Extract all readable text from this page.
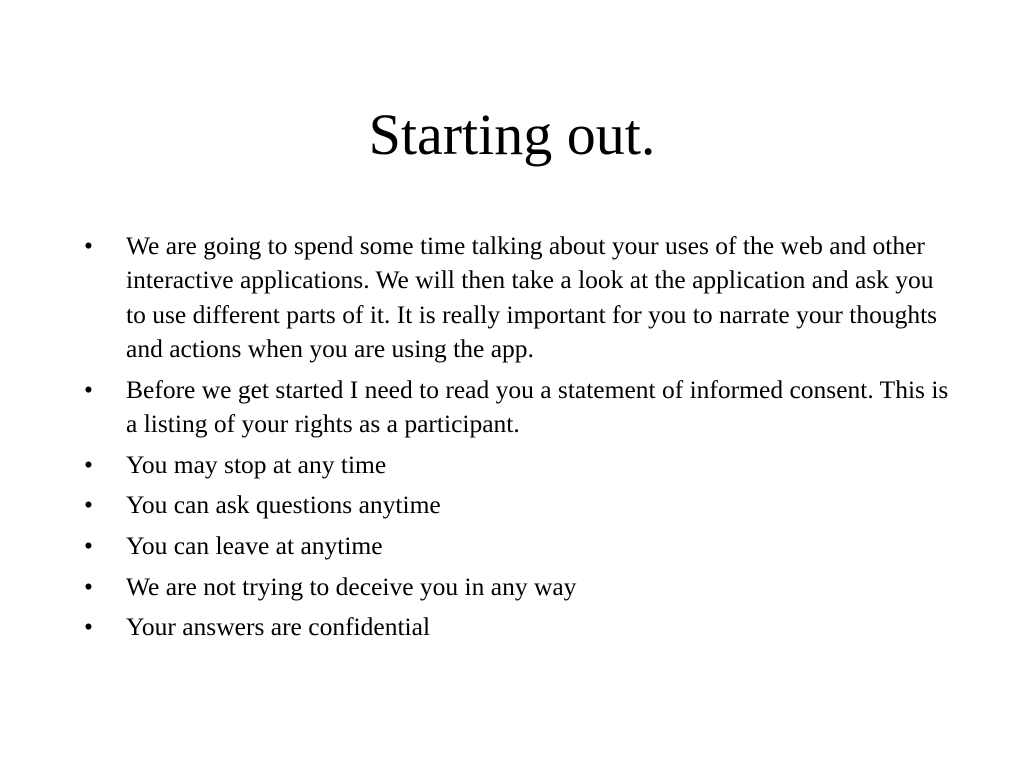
Starting out.
•	We are going to spend some time talking about your uses of the web and other interactive applications. We will then take a look at the application and ask you to use different parts of it. It is really important for you to narrate your thoughts and actions when you are using the app.
•	Before we get started I need to read you a statement of informed consent. This is a listing of your rights as a participant.
•	You may stop at any time
•	You can ask questions anytime
•	You can leave at anytime
•	We are not trying to deceive you in any way
•	Your answers are confidential
